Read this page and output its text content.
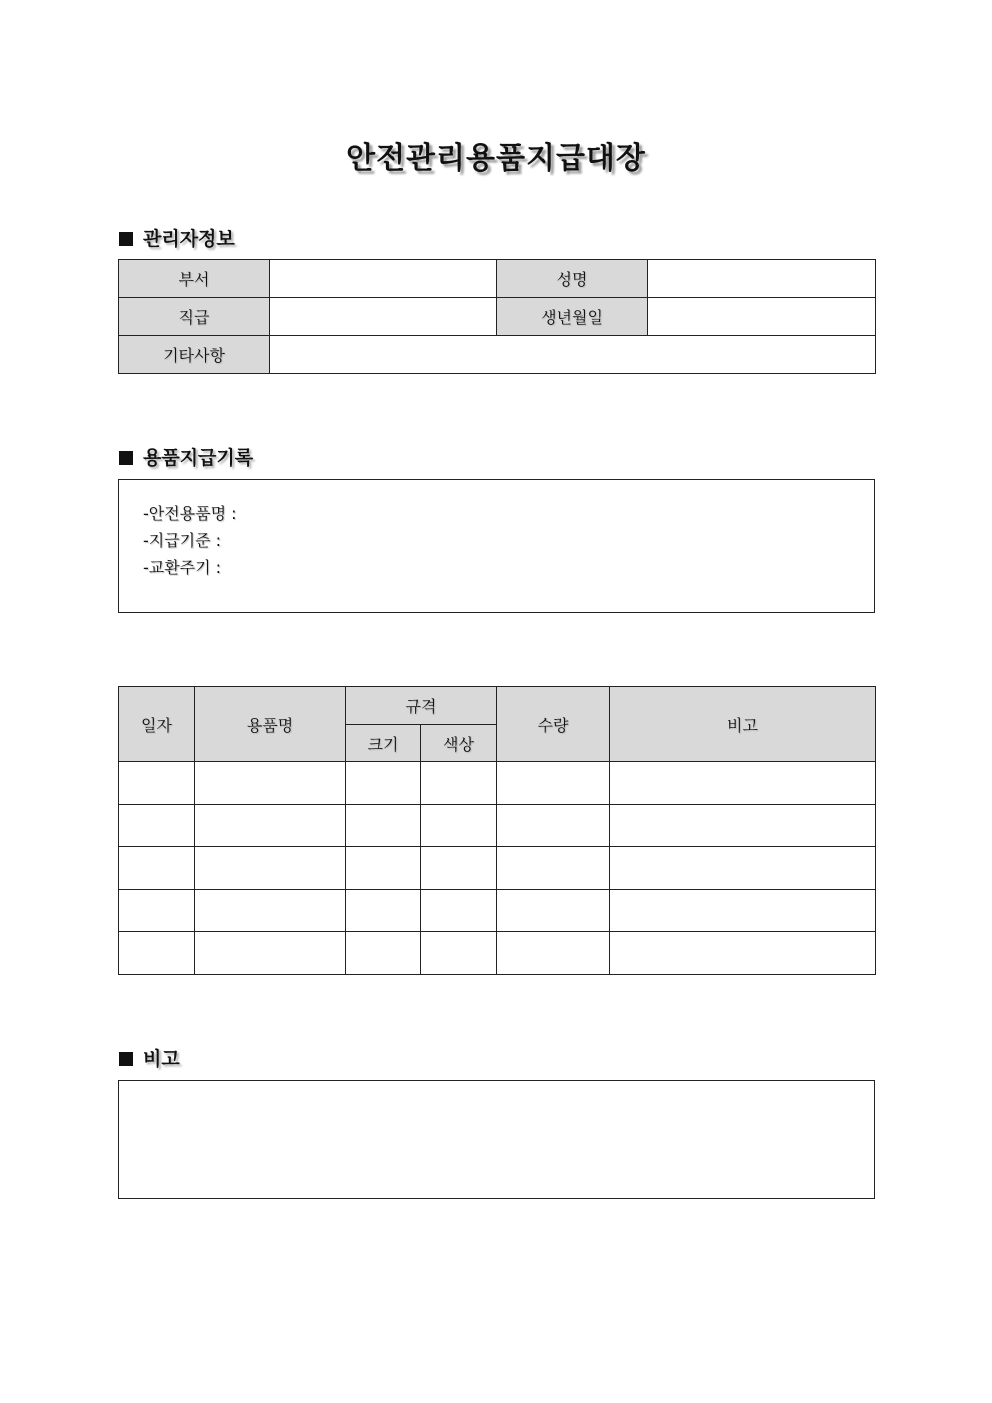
안전관리용품지급대장
관리자정보
부서		성명	
직급		생년월일	
기타사항			
용품지급기록
-안전용품명 :
-지급기준 :
-교환주기 :
일자	용품명	규격		수량	비고
		크기	색상		

비고
